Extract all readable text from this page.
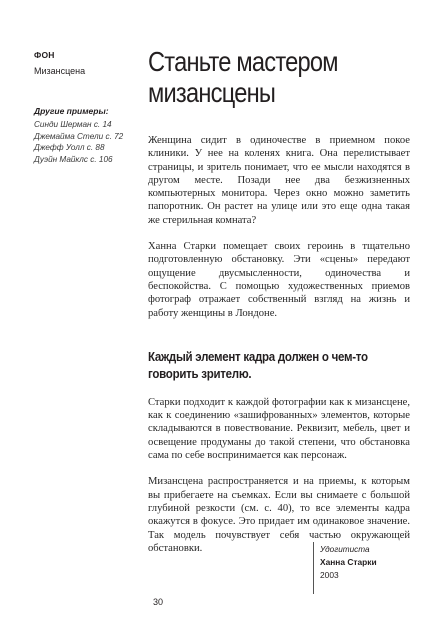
ФОН
Мизансцена
Другие примеры:
Синди Шерман с. 14
Джемайма Стели с. 72
Джефф Уолл с. 88
Дуэйн Майклс с. 106
Станьте мастером мизансцены

Женщина сидит в одиночестве в приемном покое клиники. У нее на коленях книга. Она перелистывает страницы, и зритель понимает, что ее мысли находятся в другом месте. Позади нее два безжизненных компьютерных монитора. Через окно можно заметить папоротник. Он растет на улице или это еще одна такая же стерильная комната?

Ханна Старки помещает своих героинь в тщательно подготовленную обстановку. Эти «сцены» передают ощущение двусмысленности, одиночества и беспокойства. С помощью художественных приемов фотограф отражает собственный взгляд на жизнь и работу женщины в Лондоне.

Каждый элемент кадра должен о чем-то говорить зрителю.

Старки подходит к каждой фотографии как к мизансцене, как к соединению «зашифрованных» элементов, которые складываются в повествование. Реквизит, мебель, цвет и освещение продуманы до такой степени, что обстановка сама по себе воспринимается как персонаж.

Мизансцена распространяется и на приемы, к которым вы прибегаете на съемках. Если вы снимаете с большой глубиной резкости (см. с. 40), то все элементы кадра окажутся в фокусе. Это придает им одинаковое значение. Так модель почувствует себя частью окружающей обстановки.	Удогитиста
Ханна Старки
2003
30
